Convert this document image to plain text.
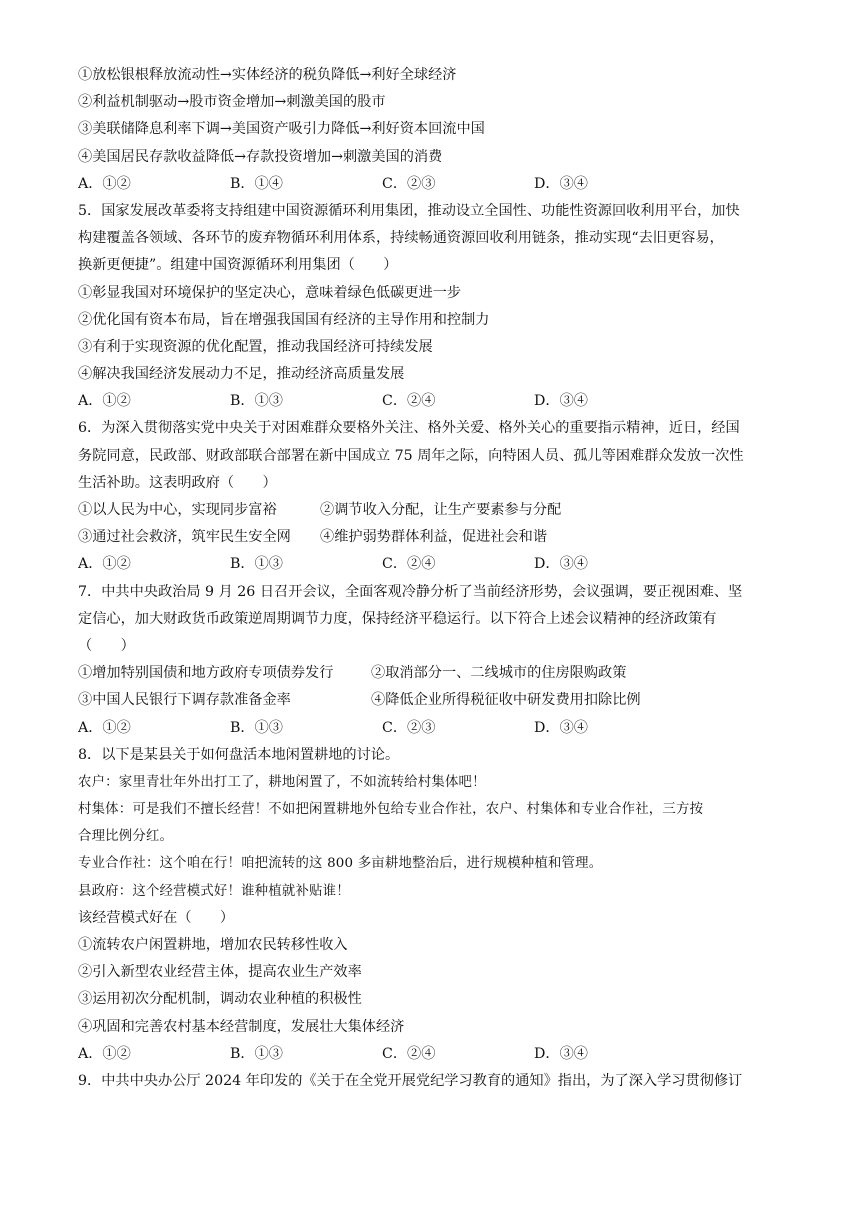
①放松银根释放流动性→实体经济的税负降低→利好全球经济
②利益机制驱动→股市资金增加→刺激美国的股市
③美联储降息利率下调→美国资产吸引力降低→利好资本回流中国
④美国居民存款收益降低→存款投资增加→刺激美国的消费
A．①②	B．①④	C．②③	D．③④
5．国家发展改革委将支持组建中国资源循环利用集团，推动设立全国性、功能性资源回收利用平台，加快
构建覆盖各领域、各环节的废弃物循环利用体系，持续畅通资源回收利用链条，推动实现“去旧更容易，
换新更便捷”。组建中国资源循环利用集团（　　）
①彰显我国对环境保护的坚定决心，意味着绿色低碳更进一步
②优化国有资本布局，旨在增强我国国有经济的主导作用和控制力
③有利于实现资源的优化配置，推动我国经济可持续发展
④解决我国经济发展动力不足，推动经济高质量发展
A．①②	B．①③	C．②④	D．③④
6．为深入贯彻落实党中央关于对困难群众要格外关注、格外关爱、格外关心的重要指示精神，近日，经国
务院同意，民政部、财政部联合部署在新中国成立 75 周年之际，向特困人员、孤儿等困难群众发放一次性
生活补助。这表明政府（　　）
①以人民为中心，实现同步富裕	②调节收入分配，让生产要素参与分配
③通过社会救济，筑牢民生安全网	④维护弱势群体利益，促进社会和谐
A．①②	B．①③	C．②④	D．③④
7．中共中央政治局 9 月 26 日召开会议，全面客观冷静分析了当前经济形势，会议强调，要正视困难、坚
定信心，加大财政货币政策逆周期调节力度，保持经济平稳运行。以下符合上述会议精神的经济政策有
（　　）
①增加特别国债和地方政府专项债券发行	②取消部分一、二线城市的住房限购政策
③中国人民银行下调存款准备金率	④降低企业所得税征收中研发费用扣除比例
A．①②	B．①③	C．②③	D．③④
8．以下是某县关于如何盘活本地闲置耕地的讨论。
农户：家里青壮年外出打工了，耕地闲置了，不如流转给村集体吧！
村集体：可是我们不擅长经营！不如把闲置耕地外包给专业合作社，农户、村集体和专业合作社，三方按
合理比例分红。
专业合作社：这个咱在行！咱把流转的这 800 多亩耕地整治后，进行规模种植和管理。
县政府：这个经营模式好！谁种植就补贴谁！
该经营模式好在（　　）
①流转农户闲置耕地，增加农民转移性收入
②引入新型农业经营主体，提高农业生产效率
③运用初次分配机制，调动农业种植的积极性
④巩固和完善农村基本经营制度，发展壮大集体经济
A．①②	B．①③	C．②④	D．③④
9．中共中央办公厅 2024 年印发的《关于在全党开展党纪学习教育的通知》指出，为了深入学习贯彻修订
